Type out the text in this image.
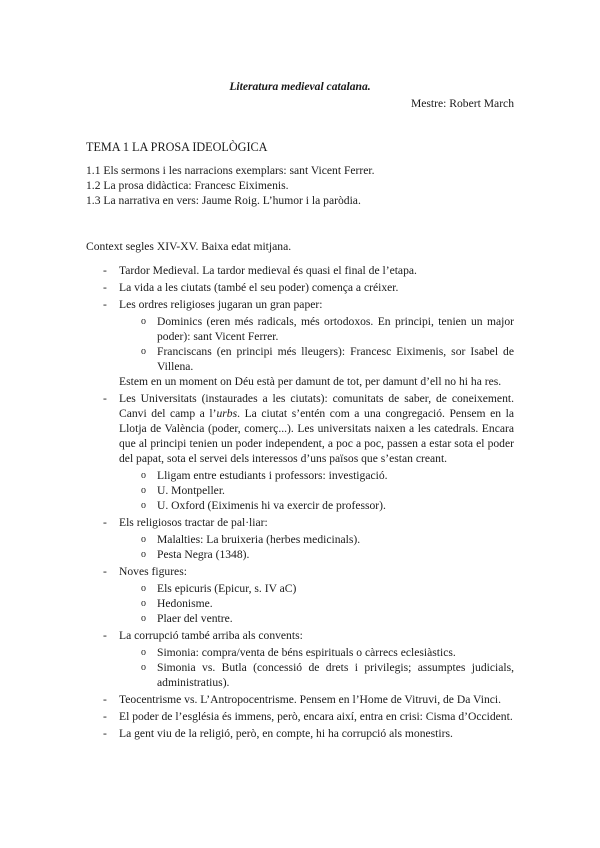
Literatura medieval catalana.
Mestre: Robert March
TEMA 1 LA PROSA IDEOLÒGICA
1.1 Els sermons i les narracions exemplars: sant Vicent Ferrer.
1.2 La prosa didàctica: Francesc Eiximenis.
1.3 La narrativa en vers: Jaume Roig. L’humor i la paròdia.
Context segles XIV-XV. Baixa edat mitjana.
- Tardor Medieval. La tardor medieval és quasi el final de l’etapa.
- La vida a les ciutats (també el seu poder) comença a créixer.
- Les ordres religioses jugaran un gran paper:
o Dominics (eren més radicals, més ortodoxos. En principi, tenien un major poder): sant Vicent Ferrer.
o Franciscans (en principi més lleugers): Francesc Eiximenis, sor Isabel de Villena.
Estem en un moment on Déu està per damunt de tot, per damunt d’ell no hi ha res.
- Les Universitats (instaurades a les ciutats): comunitats de saber, de coneixement. Canvi del camp a l’urbs. La ciutat s’entén com a una congregació. Pensem en la Llotja de València (poder, comerç...). Les universitats naixen a les catedrals. Encara que al principi tenien un poder independent, a poc a poc, passen a estar sota el poder del papat, sota el servei dels interessos d’uns països que s’estan creant.
o Lligam entre estudiants i professors: investigació.
o U. Montpeller.
o U. Oxford (Eiximenis hi va exercir de professor).
- Els religiosos tractar de pal·liar:
o Malalties: La bruixeria (herbes medicinals).
o Pesta Negra (1348).
- Noves figures:
o Els epicuris (Epicur, s. IV aC)
o Hedonisme.
o Plaer del ventre.
- La corrupció també arriba als convents:
o Simonia: compra/venta de béns espirituals o càrrecs eclesiàstics.
o Simonia vs. Butla (concessió de drets i privilegis; assumptes judicials, administratius).
- Teocentrisme vs. L’Antropocentrisme. Pensem en l’Home de Vitruvi, de Da Vinci.
- El poder de l’església és immens, però, encara així, entra en crisi: Cisma d’Occident.
- La gent viu de la religió, però, en compte, hi ha corrupció als monestirs.
